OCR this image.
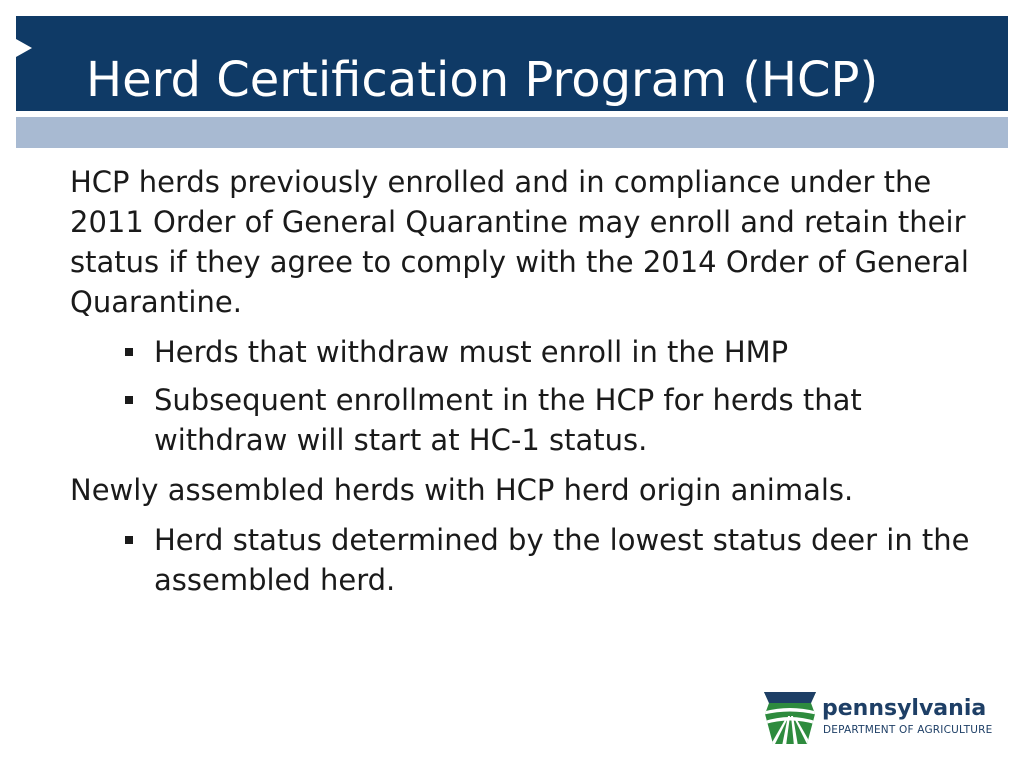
Herd Certification Program (HCP)

HCP herds previously enrolled and in compliance under the 2011 Order of General Quarantine may enroll and retain their status if they agree to comply with the 2014 Order of General Quarantine.

Herds that withdraw must enroll in the HMP
Subsequent enrollment in the HCP for herds that withdraw will start at HC-1 status.

Newly assembled herds with HCP herd origin animals.

Herd status determined by the lowest status deer in the assembled herd.
pennsylvania
DEPARTMENT OF AGRICULTURE
